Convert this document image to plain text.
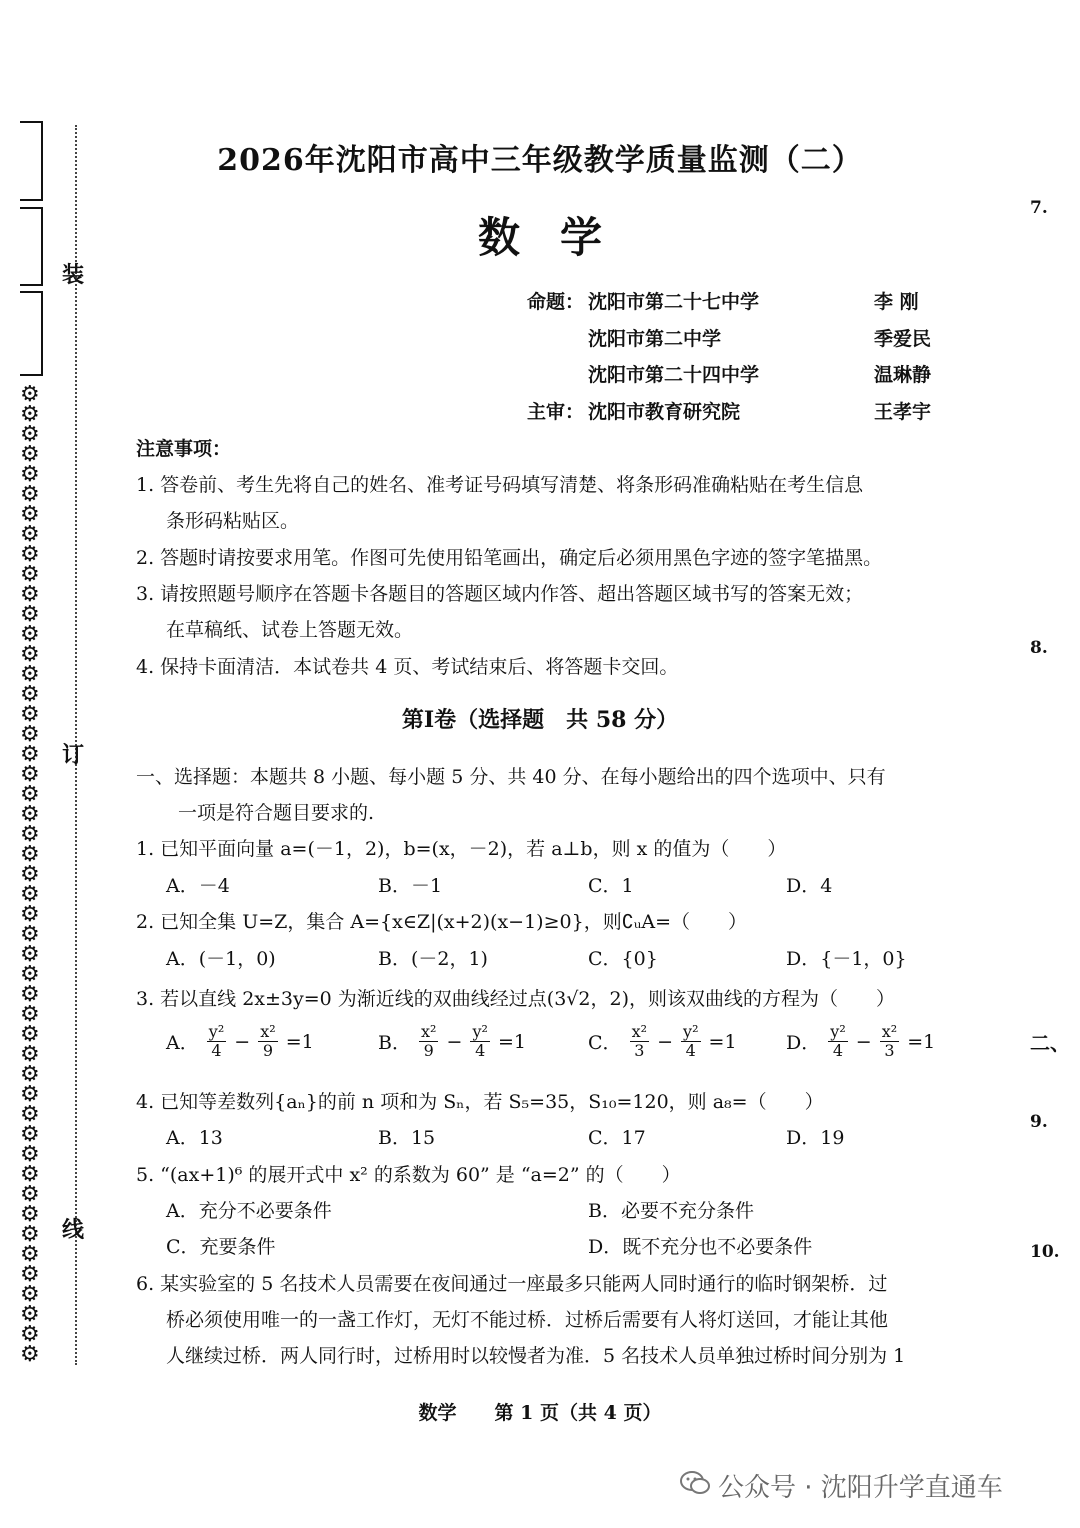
⚙
⚙
⚙
⚙
⚙
⚙
⚙
⚙
⚙
⚙
⚙
⚙
⚙
⚙
⚙
⚙
⚙
⚙
⚙
⚙
⚙
⚙
⚙
⚙
⚙
⚙
⚙
⚙
⚙
⚙
⚙
⚙
⚙
⚙
⚙
⚙
⚙
⚙
⚙
⚙
⚙
⚙
⚙
⚙
⚙
⚙
⚙
⚙
⚙
装
订
线
2026年沈阳市高中三年级教学质量监测（二）
数学
命题： 沈阳市第二十七中学	李 刚
沈阳市第二中学	季爱民
沈阳市第二十四中学	温琳静
主审： 沈阳市教育研究院	王孝宇
注意事项：
1. 答卷前、考生先将自己的姓名、准考证号码填写清楚、将条形码准确粘贴在考生信息
条形码粘贴区。
2. 答题时请按要求用笔。作图可先使用铅笔画出，确定后必须用黑色字迹的签字笔描黑。
3. 请按照题号顺序在答题卡各题目的答题区域内作答、超出答题区域书写的答案无效；
在草稿纸、试卷上答题无效。
4. 保持卡面清洁．本试卷共 4 页、考试结束后、将答题卡交回。
第Ⅰ卷（选择题　共 58 分）
一、选择题：本题共 8 小题、每小题 5 分、共 40 分、在每小题给出的四个选项中、只有
一项是符合题目要求的.
1. 已知平面向量 a=(－1，2)，b=(x，－2)，若 a⊥b，则 x 的值为（　　）
A．－4	B．－1	C．1	D．4
2. 已知全集 U=Z，集合 A={x∈Z|(x+2)(x−1)≥0}，则∁ᵤA=（　　）
A．(－1，0)	B．(－2，1)	C．{0}	D．{－1，0}
3. 若以直线 2x±3y=0 为渐近线的双曲线经过点(3√2，2)，则该双曲线的方程为（　　）
A． $\frac{\text{y²}}{4} - \frac{\text{x²}}{9} =1$	B． $\frac{\text{x²}}{9} - \frac{\text{y²}}{4} =1$	C． $\frac{\text{x²}}{3} - \frac{\text{y²}}{4} =1$	D． $\frac{\text{y²}}{4} - \frac{\text{x²}}{3} =1$
4. 已知等差数列{aₙ}的前 n 项和为 Sₙ，若 S₅=35，S₁₀=120，则 a₈=（　　）
A．13	B．15	C．17	D．19
5. “(ax+1)⁶ 的展开式中 x² 的系数为 60” 是 “a=2” 的（　　）
A．充分不必要条件	B．必要不充分条件
C．充要条件	D．既不充分也不必要条件
6. 某实验室的 5 名技术人员需要在夜间通过一座最多只能两人同时通行的临时钢架桥．过
桥必须使用唯一的一盏工作灯，无灯不能过桥．过桥后需要有人将灯送回，才能让其他
人继续过桥．两人同行时，过桥用时以较慢者为准．5 名技术人员单独过桥时间分别为 1
数学　　第 1 页（共 4 页）
7.
8.
二、
9.
10.
公众号 · 沈阳升学直通车
